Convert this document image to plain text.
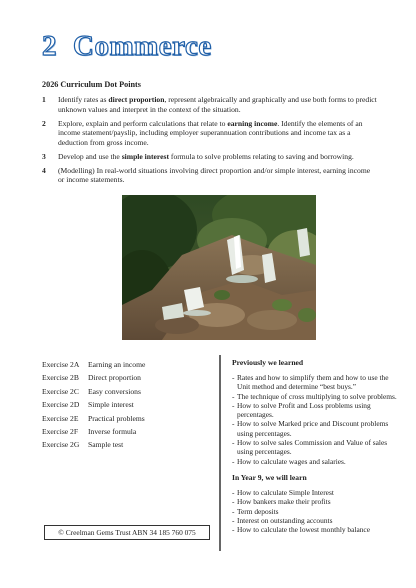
2 Commerce
2026 Curriculum Dot Points
1 Identify rates as direct proportion, represent algebraically and graphically and use both forms to predict unknown values and interpret in the context of the situation.
2 Explore, explain and perform calculations that relate to earning income. Identify the elements of an income statement/payslip, including employer superannuation contributions and income tax as a deduction from gross income.
3 Develop and use the simple interest formula to solve problems relating to saving and borrowing.
4 (Modelling) In real-world situations involving direct proportion and/or simple interest, earning income or income statements.
Exercise 2A	Earning an income
Exercise 2B	Direct proportion
Exercise 2C	Easy conversions
Exercise 2D	Simple interest
Exercise 2E	Practical problems
Exercise 2F	Inverse formula
Exercise 2G	Sample test
© Creelman Gems Trust ABN 34 185 760 075
Previously we learned
- Rates and how to simplify them and how to use the Unit method and determine “best buys.”
- The technique of cross multiplying to solve problems.
- How to solve Profit and Loss problems using percentages.
- How to solve Marked price and Discount problems using percentages.
- How to solve sales Commission and Value of sales using percentages.
- How to calculate wages and salaries.
In Year 9, we will learn
- How to calculate Simple Interest
- How bankers make their profits
- Term deposits
- Interest on outstanding accounts
- How to calculate the lowest monthly balance
